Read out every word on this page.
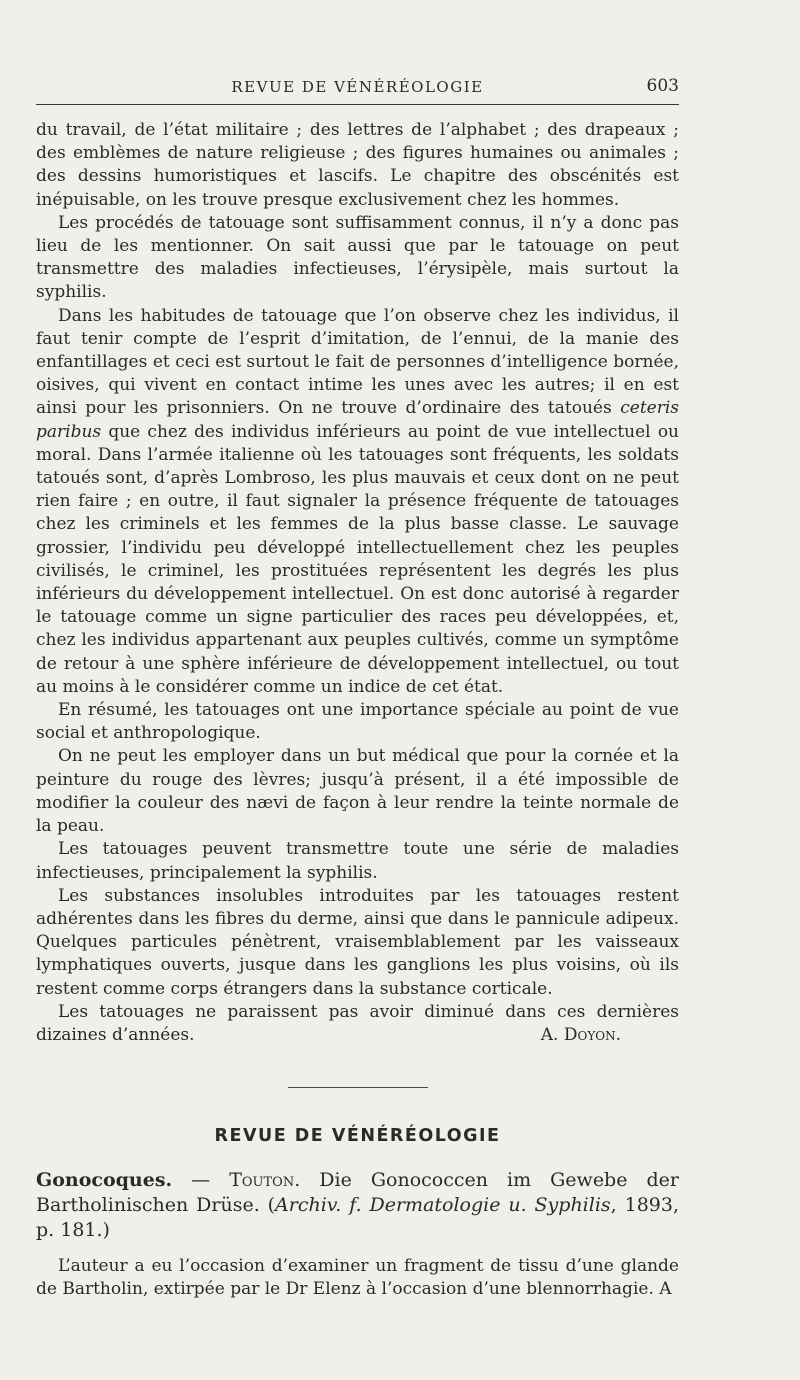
REVUE DE VÉNÉRÉOLOGIE	603

du travail, de l’état militaire ; des lettres de l’alphabet ; des drapeaux ; des emblèmes de nature religieuse ; des figures humaines ou animales ; des dessins humoristiques et lascifs. Le chapitre des obscénités est inépuisable, on les trouve presque exclusivement chez les hommes.

Les procédés de tatouage sont suffisamment connus, il n’y a donc pas lieu de les mentionner. On sait aussi que par le tatouage on peut transmettre des maladies infectieuses, l’érysipèle, mais surtout la syphilis.

Dans les habitudes de tatouage que l’on observe chez les individus, il faut tenir compte de l’esprit d’imitation, de l’ennui, de la manie des enfantillages et ceci est surtout le fait de personnes d’intelligence bornée, oisives, qui vivent en contact intime les unes avec les autres; il en est ainsi pour les prisonniers. On ne trouve d’ordinaire des tatoués ceteris paribus que chez des individus inférieurs au point de vue intellectuel ou moral. Dans l’armée italienne où les tatouages sont fréquents, les soldats tatoués sont, d’après Lombroso, les plus mauvais et ceux dont on ne peut rien faire ; en outre, il faut signaler la présence fréquente de tatouages chez les criminels et les femmes de la plus basse classe. Le sauvage grossier, l’individu peu développé intellectuellement chez les peuples civilisés, le criminel, les prostituées représentent les degrés les plus inférieurs du développement intellectuel. On est donc autorisé à regarder le tatouage comme un signe particulier des races peu développées, et, chez les individus appartenant aux peuples cultivés, comme un symptôme de retour à une sphère inférieure de développement intellectuel, ou tout au moins à le considérer comme un indice de cet état.

En résumé, les tatouages ont une importance spéciale au point de vue social et anthropologique.

On ne peut les employer dans un but médical que pour la cornée et la peinture du rouge des lèvres; jusqu’à présent, il a été impossible de modifier la couleur des nævi de façon à leur rendre la teinte normale de la peau.

Les tatouages peuvent transmettre toute une série de maladies infectieuses, principalement la syphilis.

Les substances insolubles introduites par les tatouages restent adhérentes dans les fibres du derme, ainsi que dans le pannicule adipeux. Quelques particules pénètrent, vraisemblablement par les vaisseaux lymphatiques ouverts, jusque dans les ganglions les plus voisins, où ils restent comme corps étrangers dans la substance corticale.

Les tatouages ne paraissent pas avoir diminué dans ces dernières

dizaines d’années.	A. Doyon.
REVUE DE VÉNÉRÉOLOGIE

Gonocoques. — Touton. Die Gonococcen im Gewebe der Bartholinischen Drüse. (Archiv. f. Dermatologie u. Syphilis, 1893, p. 181.)

L’auteur a eu l’occasion d’examiner un fragment de tissu d’une glande de Bartholin, extirpée par le Dr Elenz à l’occasion d’une blennorrhagie. A
